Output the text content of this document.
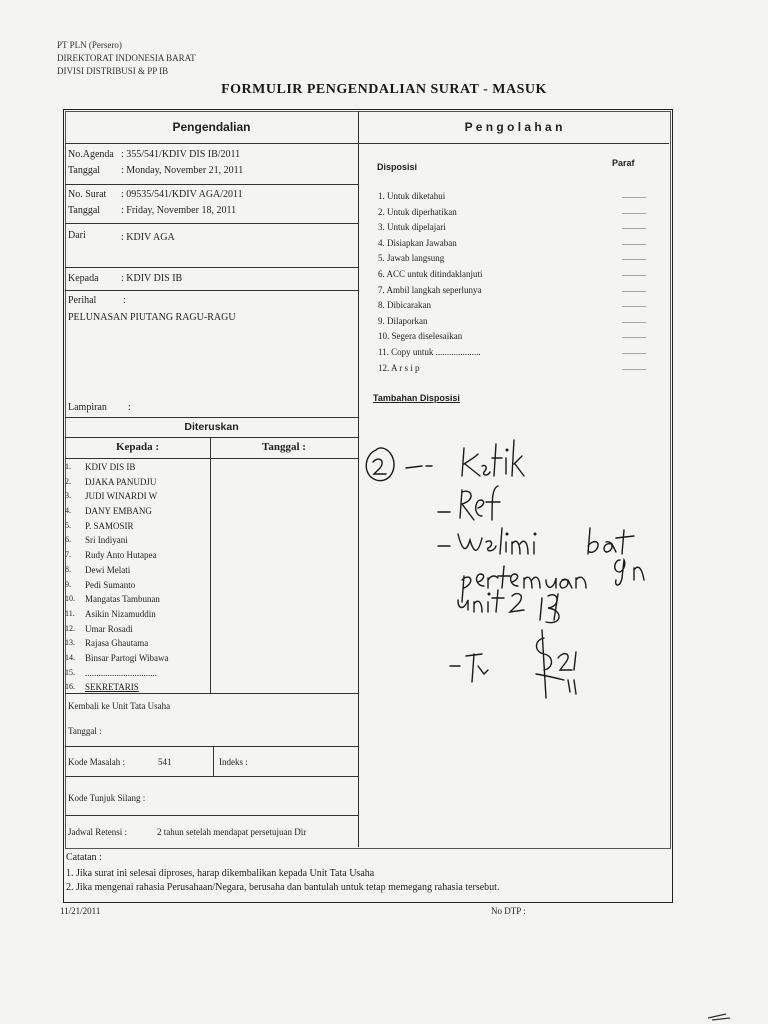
PT PLN (Persero)
DIREKTORAT INDONESIA BARAT
DIVISI DISTRIBUSI & PP IB
FORMULIR PENGENDALIAN SURAT - MASUK
Pengendalian	P e n g o l a h a n
No.Agenda : 355/541/KDIV DIS IB/2011
Tanggal : Monday, November 21, 2011
No. Surat : 09535/541/KDIV AGA/2011
Tanggal : Friday, November 18, 2011
Dari	: KDIV AGA
Kepada : KDIV DIS IB
Perihal	:
PELUNASAN PIUTANG RAGU-RAGU
Lampiran :
Diteruskan
Kepada :	Tanggal :
1.	KDIV DIS IB
2.	DJAKA PANUDJU
3.	JUDI WINARDI W
4.	DANY EMBANG
5.	P. SAMOSIR
6.	Sri Indiyani
7.	Rudy Anto Hutapea
8.	Dewi Melati
9.	Pedi Sumanto
10.	Mangatas Tambunan
11.	Asikin Nizamuddin
12.	Umar Rosadi
13.	Rajasa Ghautama
14.	Binsar Partogi Wibawa
15.	................................
16.	SEKRETARIS
Kembali ke Unit Tata Usaha
Tanggal :
Kode Masalah :	541	Indeks :
Kode Tunjuk Silang :
Jadwal Retensi :	2 tahun setelah mendapat persetujuan Dir
Disposisi	Paraf
1. Untuk diketahui	............
2. Untuk diperhatikan	............
3. Untuk dipelajari	............
4. Disiapkan Jawaban	............
5. Jawab langsung	............
6. ACC untuk ditindaklanjuti	............
7. Ambil langkah seperlunya	............
8. Dibicarakan	............
9. Dilaporkan	............
10. Segera diselesaikan	............
11. Copy untuk ....................	............
12. A r s i p	............
Tambahan Disposisi
Catatan :
1. Jika surat ini selesai diproses, harap dikembalikan kepada Unit Tata Usaha
2. Jika mengenai rahasia Perusahaan/Negara, berusaha dan bantulah untuk tetap memegang rahasia tersebut.
11/21/2011	No DTP :
